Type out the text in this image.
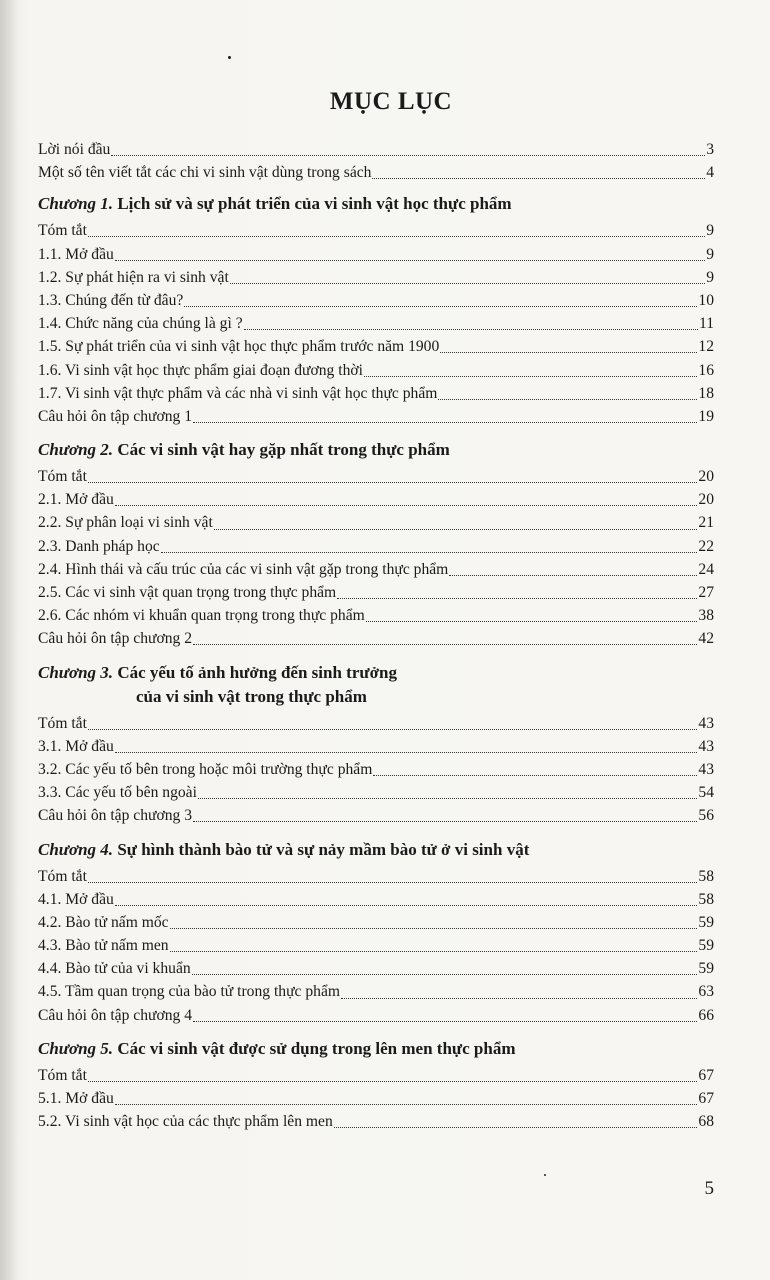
MỤC LỤC
Lời nói đầu	3
Một số tên viết tắt các chi vi sinh vật dùng trong sách	4
Chương 1. Lịch sử và sự phát triển của vi sinh vật học thực phẩm
Tóm tắt	9
1.1. Mở đầu	9
1.2. Sự phát hiện ra vi sinh vật	9
1.3. Chúng đến từ đâu?	10
1.4. Chức năng của chúng là gì ?	11
1.5. Sự phát triển của vi sinh vật học thực phẩm trước năm 1900	12
1.6. Vi sinh vật học thực phẩm giai đoạn đương thời	16
1.7. Vi sinh vật thực phẩm và các nhà vi sinh vật học thực phẩm	18
Câu hỏi ôn tập chương 1	19
Chương 2. Các vi sinh vật hay gặp nhất trong thực phẩm
Tóm tắt	20
2.1. Mở đầu	20
2.2. Sự phân loại vi sinh vật	21
2.3. Danh pháp học	22
2.4. Hình thái và cấu trúc của các vi sinh vật gặp trong thực phẩm	24
2.5. Các vi sinh vật quan trọng trong thực phẩm	27
2.6. Các nhóm vi khuẩn quan trọng trong thực phẩm	38
Câu hỏi ôn tập chương 2	42
Chương 3. Các yếu tố ảnh hưởng đến sinh trưởng
của vi sinh vật trong thực phẩm
Tóm tắt	43
3.1. Mở đầu	43
3.2. Các yếu tố bên trong hoặc môi trường thực phẩm	43
3.3. Các yếu tố bên ngoài	54
Câu hỏi ôn tập chương 3	56
Chương 4. Sự hình thành bào tử và sự nảy mầm bào tử ở vi sinh vật
Tóm tắt	58
4.1. Mở đầu	58
4.2. Bào tử nấm mốc	59
4.3. Bào tử nấm men	59
4.4. Bào tử của vi khuẩn	59
4.5. Tầm quan trọng của bào tử trong thực phẩm	63
Câu hỏi ôn tập chương 4	66
Chương 5. Các vi sinh vật được sử dụng trong lên men thực phẩm
Tóm tắt	67
5.1. Mở đầu	67
5.2. Vi sinh vật học của các thực phẩm lên men	68
5
